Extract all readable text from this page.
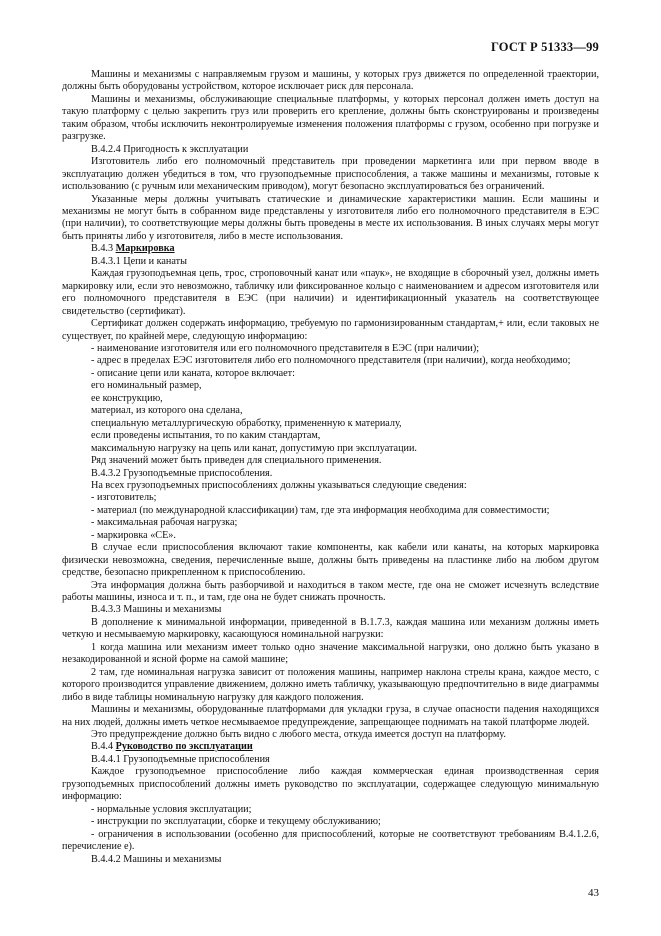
ГОСТ Р 51333—99

Машины и механизмы с направляемым грузом и машины, у которых груз движется по определенной траектории, должны быть оборудованы устройством, которое исключает риск для персонала.

Машины и механизмы, обслуживающие специальные платформы, у которых персонал должен иметь доступ на такую платформу с целью закрепить груз или проверить его крепление, должны быть сконструированы и произведены таким образом, чтобы исключить неконтролируемые изменения положения платформы с грузом, особенно при погрузке и разгрузке.

В.4.2.4 Пригодность к эксплуатации

Изготовитель либо его полномочный представитель при проведении маркетинга или при первом вводе в эксплуатацию должен убедиться в том, что грузоподъемные приспособления, а также машины и механизмы, готовые к использованию (с ручным или механическим приводом), могут безопасно эксплуатироваться без ограничений.

Указанные меры должны учитывать статические и динамические характеристики машин. Если машины и механизмы не могут быть в собранном виде представлены у изготовителя либо его полномочного представителя в ЕЭС (при наличии), то соответствующие меры должны быть проведены в месте их использования. В иных случаях меры могут быть приняты либо у изготовителя, либо в месте использования.

В.4.3 Маркировка

В.4.3.1 Цепи и канаты

Каждая грузоподъемная цепь, трос, строповочный канат или «паук», не входящие в сборочный узел, должны иметь маркировку или, если это невозможно, табличку или фиксированное кольцо с наименованием и адресом изготовителя или его полномочного представителя в ЕЭС (при наличии) и идентификационный указатель на соответствующее свидетельство (сертификат).

Сертификат должен содержать информацию, требуемую по гармонизированным стандартам,+ или, если таковых не существует, по крайней мере, следующую информацию:

- наименование изготовителя или его полномочного представителя в ЕЭС (при наличии);

- адрес в пределах ЕЭС изготовителя либо его полномочного представителя (при наличии), когда необходимо;

- описание цепи или каната, которое включает:

его номинальный размер,

ее конструкцию,

материал, из которого она сделана,

специальную металлургическую обработку, примененную к материалу,

если проведены испытания, то по каким стандартам,

максимальную нагрузку на цепь или канат, допустимую при эксплуатации.

Ряд значений может быть приведен для специального применения.

В.4.3.2 Грузоподъемные приспособления.

На всех грузоподъемных приспособлениях должны указываться следующие сведения:

- изготовитель;

- материал (по международной классификации) там, где эта информация необходима для совместимости;

- максимальная рабочая нагрузка;

- маркировка «CE».

В случае если приспособления включают такие компоненты, как кабели или канаты, на которых маркировка физически невозможна, сведения, перечисленные выше, должны быть приведены на пластинке либо на любом другом средстве, безопасно прикрепленном к приспособлению.

Эта информация должна быть разборчивой и находиться в таком месте, где она не сможет исчезнуть вследствие работы машины, износа и т. п., и там, где она не будет снижать прочность.

В.4.3.3 Машины и механизмы

В дополнение к минимальной информации, приведенной в В.1.7.3, каждая машина или механизм должны иметь четкую и несмываемую маркировку, касающуюся номинальной нагрузки:

1 когда машина или механизм имеет только одно значение максимальной нагрузки, оно должно быть указано в незакодированной и ясной форме на самой машине;

2 там, где номинальная нагрузка зависит от положения машины, например наклона стрелы крана, каждое место, с которого производится управление движением, должно иметь табличку, указывающую предпочтительно в виде диаграммы либо в виде таблицы номинальную нагрузку для каждого положения.

Машины и механизмы, оборудованные платформами для укладки груза, в случае опасности падения находящихся на них людей, должны иметь четкое несмываемое предупреждение, запрещающее поднимать на такой платформе людей.

Это предупреждение должно быть видно с любого места, откуда имеется доступ на платформу.

В.4.4 Руководство по эксплуатации

В.4.4.1 Грузоподъемные приспособления

Каждое грузоподъемное приспособление либо каждая коммерческая единая производственная серия грузоподъемных приспособлений должны иметь руководство по эксплуатации, содержащее следующую минимальную информацию:

- нормальные условия эксплуатации;

- инструкции по эксплуатации, сборке и текущему обслуживанию;

- ограничения в использовании (особенно для приспособлений, которые не соответствуют требованиям В.4.1.2.6, перечисление е).

В.4.4.2 Машины и механизмы

43
